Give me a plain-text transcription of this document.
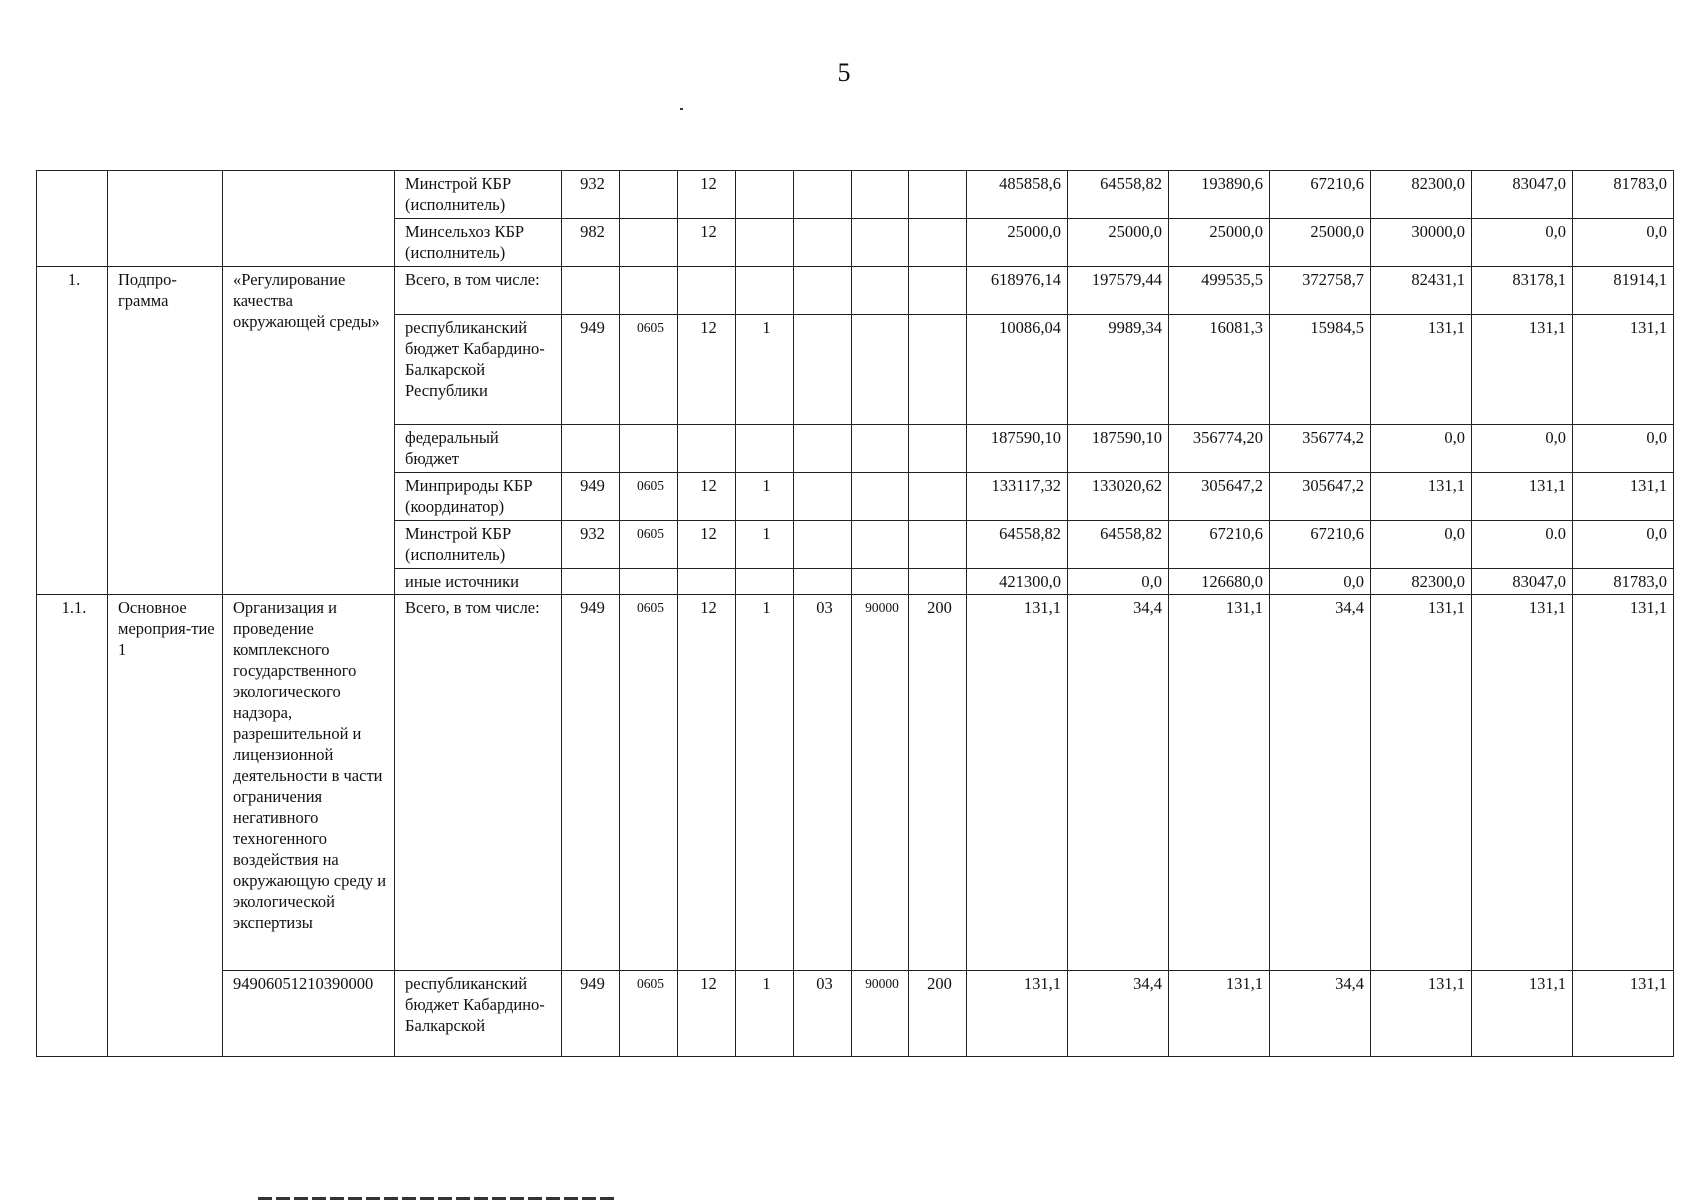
5
			Минстрой КБР (исполнитель)	932		12					485858,6	64558,82	193890,6	67210,6	82300,0	83047,0	81783,0
			Минсельхоз КБР (исполнитель)	982		12					25000,0	25000,0	25000,0	25000,0	30000,0	0,0	0,0
1.	Подпро-грамма	«Регулирование качества окружающей среды»	Всего, в том числе:								618976,14	197579,44	499535,5	372758,7	82431,1	83178,1	81914,1
			республиканский бюджет Кабардино-Балкарской Республики	949	0605	12	1				10086,04	9989,34	16081,3	15984,5	131,1	131,1	131,1
			федеральный бюджет								187590,10	187590,10	356774,20	356774,2	0,0	0,0	0,0
			Минприроды КБР (координатор)	949	0605	12	1				133117,32	133020,62	305647,2	305647,2	131,1	131,1	131,1
			Минстрой КБР (исполнитель)	932	0605	12	1				64558,82	64558,82	67210,6	67210,6	0,0	0.0	0,0
			иные источники								421300,0	0,0	126680,0	0,0	82300,0	83047,0	81783,0
1.1.	Основное мероприя-тие 1	Организация и проведение комплексного государственного экологического надзора, разрешительной и лицензионной деятельности в части ограничения негативного техногенного воздействия на окружающую среду и экологической экспертизы	Всего, в том числе:	949	0605	12	1	03	90000	200	131,1	34,4	131,1	34,4	131,1	131,1	131,1
		94906051210390000	республиканский бюджет Кабардино-Балкарской	949	0605	12	1	03	90000	200	131,1	34,4	131,1	34,4	131,1	131,1	131,1
